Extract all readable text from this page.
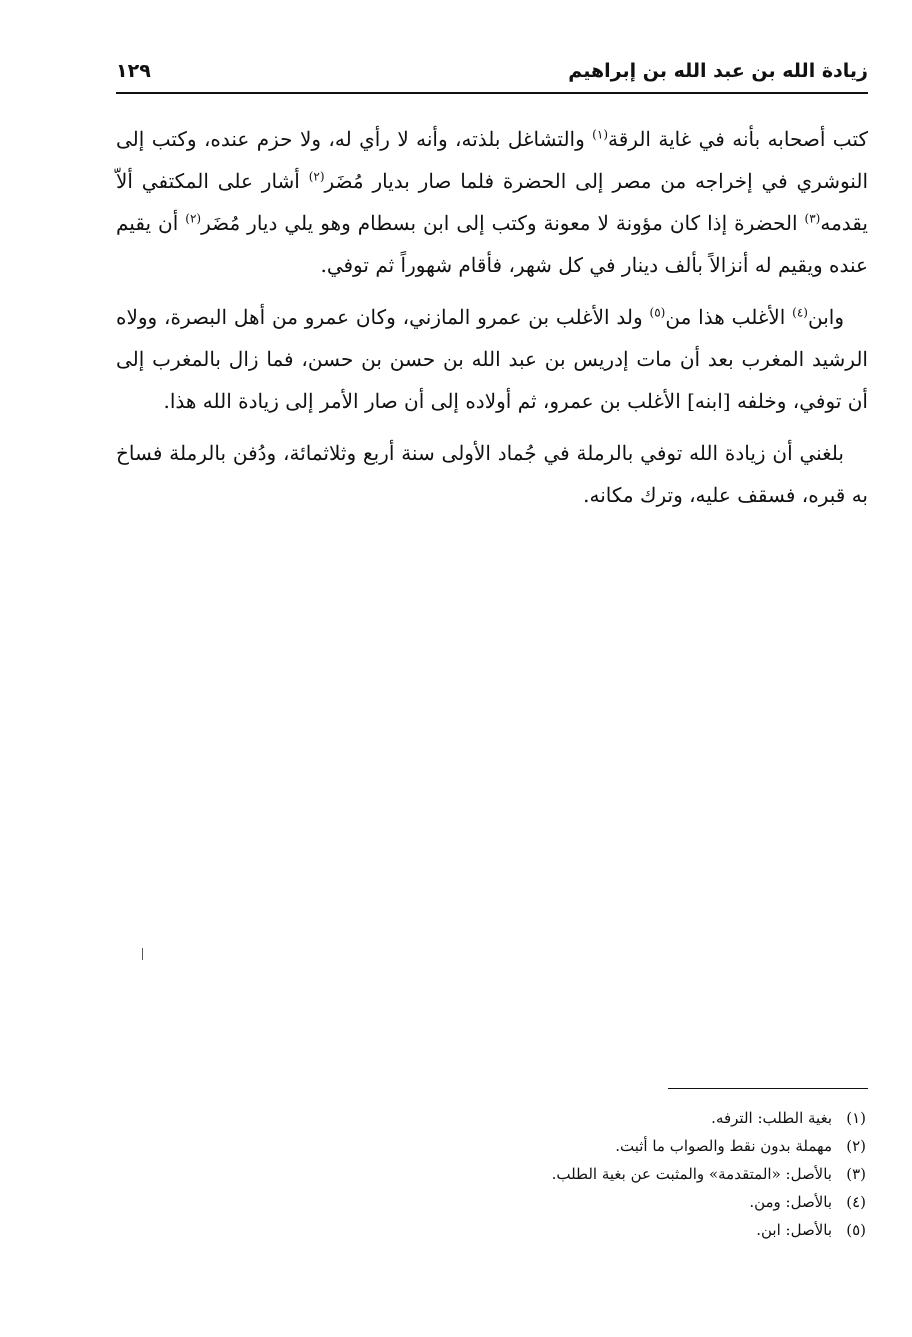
زيادة الله بن عبد الله بن إبراهيم
١٢٩

كتب أصحابه بأنه في غاية الرقة$^{(١)}$ والتشاغل بلذته، وأنه لا رأي له، ولا حزم عنده، وكتب إلى النوشري في إخراجه من مصر إلى الحضرة فلما صار بديار مُضَر$^{(٢)}$ أشار على المكتفي ألاّ يقدمه$^{(٣)}$ الحضرة إذا كان مؤونة لا معونة وكتب إلى ابن بسطام وهو يلي ديار مُضَر$^{(٢)}$ أن يقيم عنده ويقيم له أنزالاً بألف دينار في كل شهر، فأقام شهوراً ثم توفي.

وابن$^{(٤)}$ الأغلب هذا من$^{(٥)}$ ولد الأغلب بن عمرو المازني، وكان عمرو من أهل البصرة، وولاه الرشيد المغرب بعد أن مات إدريس بن عبد الله بن حسن بن حسن، فما زال بالمغرب إلى أن توفي، وخلفه [ابنه] الأغلب بن عمرو، ثم أولاده إلى أن صار الأمر إلى زيادة الله هذا.

بلغني أن زيادة الله توفي بالرملة في جُماد الأولى سنة أربع وثلاثمائة، ودُفن بالرملة فساخ به قبره، فسقف عليه، وترك مكانه.

(١)بغية الطلب: الترفه.
(٢)مهملة بدون نقط والصواب ما أثبت.
(٣)بالأصل: «المتقدمة» والمثبت عن بغية الطلب.
(٤)بالأصل: ومن.
(٥)بالأصل: ابن.
